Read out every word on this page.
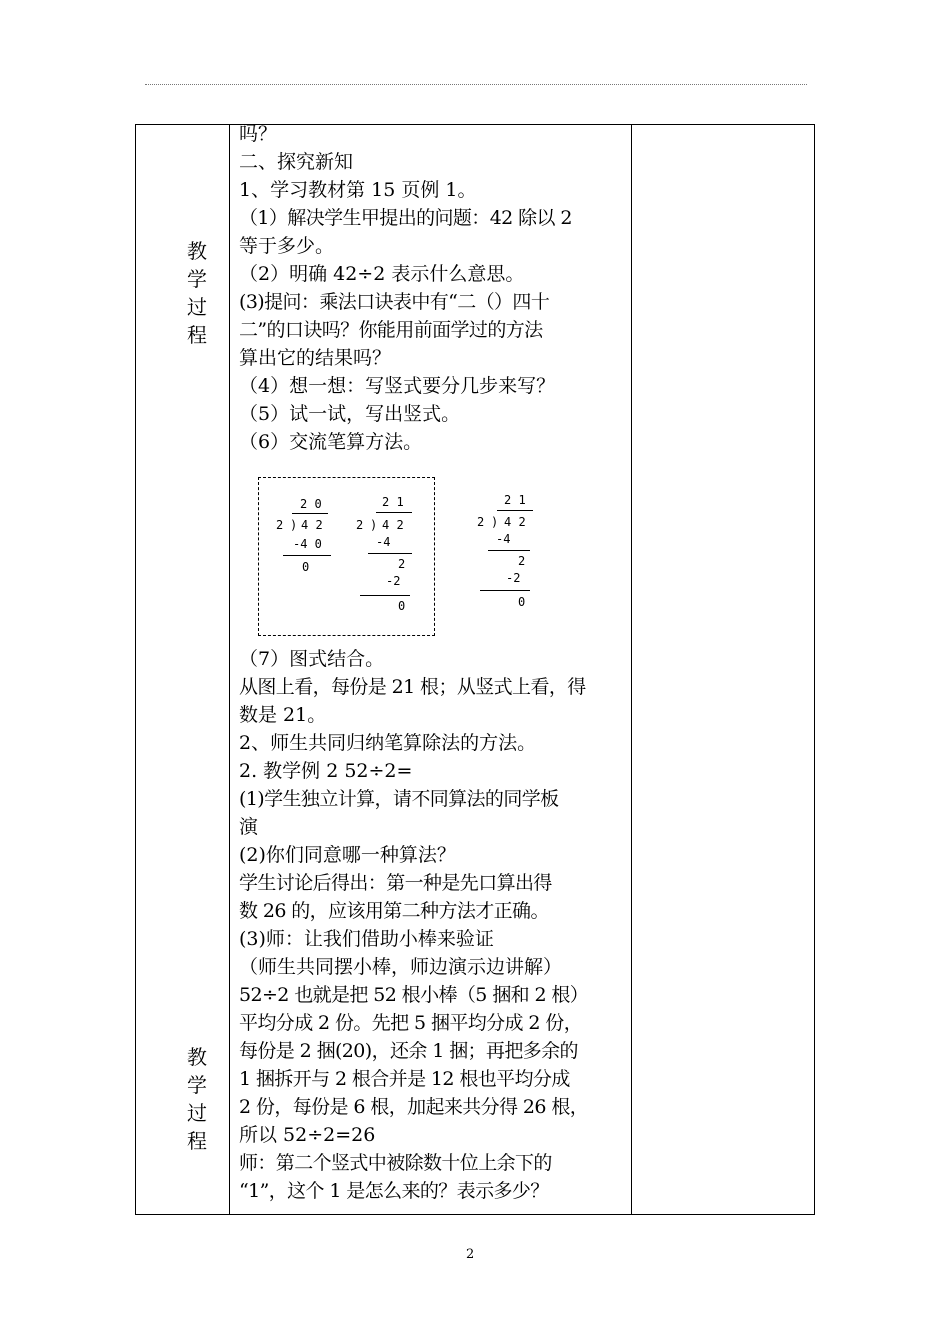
教
学
过
程
教
学
过
程
吗？
二、探究新知
1、学习教材第 15 页例 1。
（1）解决学生甲提出的问题：42 除以 2
等于多少。
（2）明确 42÷2 表示什么意思。
(3)提问：乘法口诀表中有“二（）四十
二”的口诀吗？你能用前面学过的方法
算出它的结果吗？
（4）想一想：写竖式要分几步来写？
（5）试一试，写出竖式。
（6）交流笔算方法。
（7）图式结合。
从图上看，每份是 21 根；从竖式上看，得
数是 21。
2、师生共同归纳笔算除法的方法。
2. 教学例 2 52÷2=
(1)学生独立计算，请不同算法的同学板
演
(2)你们同意哪一种算法？
学生讨论后得出：第一种是先口算出得
数 26 的，应该用第二种方法才正确。
(3)师：让我们借助小棒来验证
（师生共同摆小棒，师边演示边讲解）
52÷2 也就是把 52 根小棒（5 捆和 2 根）
平均分成 2 份。先把 5 捆平均分成 2 份，
每份是 2 捆(20)，还余 1 捆；再把多余的
1 捆拆开与 2 根合并是 12 根也平均分成
2 份，每份是 6 根，加起来共分得 26 根，
所以 52÷2=26
师：第二个竖式中被除数十位上余下的
“1”，这个 1 是怎么来的？表示多少？
2 0
2 ) 4 2
-4 0
0
2 1
2 ) 4 2
-4
2
-2
0
2 1
2 ) 4 2
-4
2
-2
0
2
